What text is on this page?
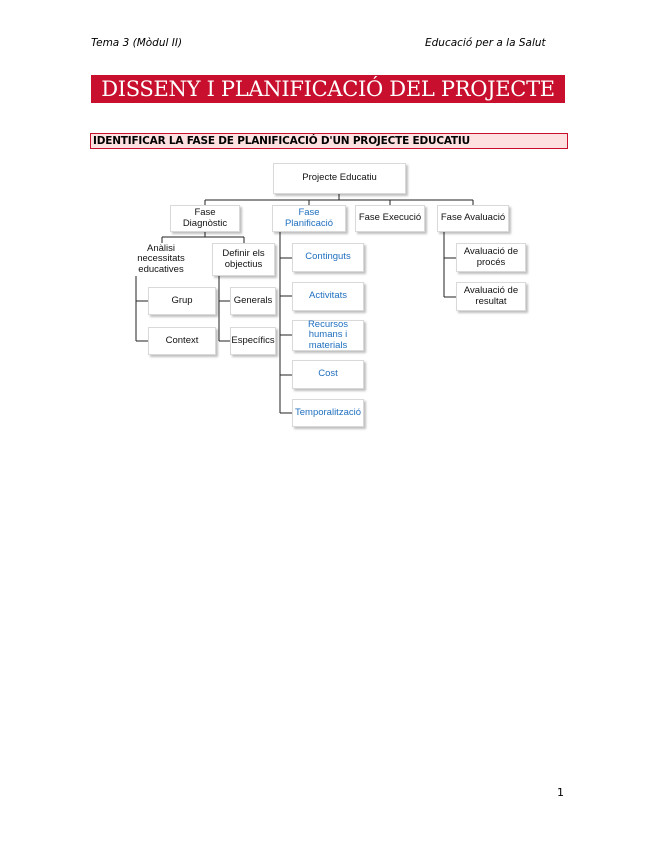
Tema 3 (Mòdul II)	Educació per a la Salut
DISSENY I PLANIFICACIÓ DEL PROJECTE
IDENTIFICAR LA FASE DE PLANIFICACIÓ D'UN PROJECTE EDUCATIU
Projecte Educatiu
Fase Diagnòstic
Fase Planificació	Fase Execució	Fase Avaluació
Anàlisi necessitats educatives
Definir els objectius
Grup
Context
Generals
Específics
Continguts
Activitats
Recursos humans i materials
Cost
Temporalització
Avaluació de procés
Avaluació de resultat
1
